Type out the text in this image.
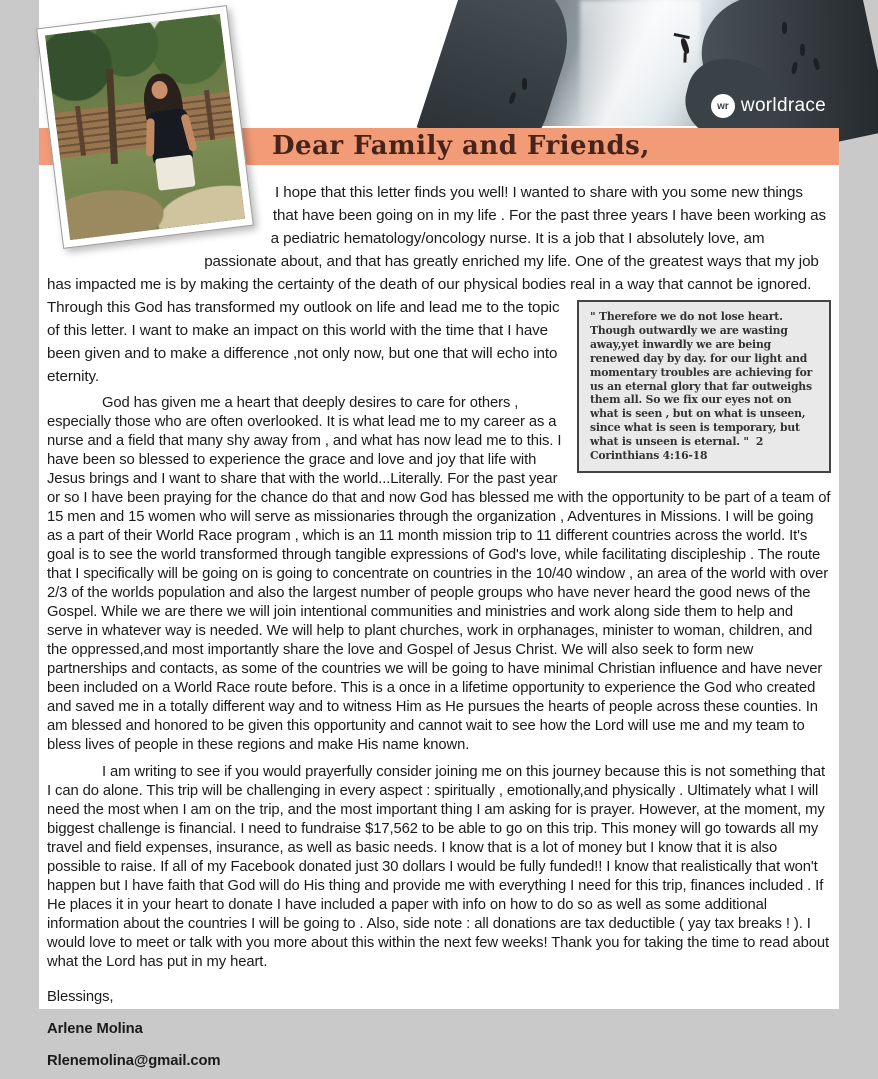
wr worldrace
Dear Family and Friends,

I hope that this letter finds you well! I wanted to share with you some new things that have been going on in my life . For the past three years I have been working as a pediatric hematology/oncology nurse. It is a job that I absolutely love, am passionate about, and that has greatly enriched my life. One of the greatest ways that my job has impacted me is by making the certainty of the death of our physical bodies real in a way that cannot be ignored.
" Therefore we do not lose heart. Though outwardly we are wasting away,yet inwardly we are being renewed day by day. for our light and momentary troubles are achieving for us an eternal glory that far outweighs them all. So we fix our eyes not on what is seen , but on what is unseen, since what is seen is temporary, but what is unseen is eternal. " 2 Corinthians 4:16-18
Through this God has transformed my outlook on life and lead me to the topic of this letter. I want to make an impact on this world with the time that I have been given and to make a difference ,not only now, but one that will echo into eternity.

God has given me a heart that deeply desires to care for others , especially those who are often overlooked. It is what lead me to my career as a nurse and a field that many shy away from , and what has now lead me to this. I have been so blessed to experience the grace and love and joy that life with Jesus brings and I want to share that with the world...Literally. For the past year or so I have been praying for the chance do that and now God has blessed me with the opportunity to be part of a team of 15 men and 15 women who will serve as missionaries through the organization , Adventures in Missions. I will be going as a part of their World Race program , which is an 11 month mission trip to 11 different countries across the world. It's goal is to see the world transformed through tangible expressions of God's love, while facilitating discipleship . The route that I specifically will be going on is going to concentrate on countries in the 10/40 window , an area of the world with over 2/3 of the worlds population and also the largest number of people groups who have never heard the good news of the Gospel. While we are there we will join intentional communities and ministries and work along side them to help and serve in whatever way is needed. We will help to plant churches, work in orphanages, minister to woman, children, and the oppressed,and most importantly share the love and Gospel of Jesus Christ. We will also seek to form new partnerships and contacts, as some of the countries we will be going to have minimal Christian influence and have never been included on a World Race route before. This is a once in a lifetime opportunity to experience the God who created and saved me in a totally different way and to witness Him as He pursues the hearts of people across these counties. In am blessed and honored to be given this opportunity and cannot wait to see how the Lord will use me and my team to bless lives of people in these regions and make His name known.

I am writing to see if you would prayerfully consider joining me on this journey because this is not something that I can do alone. This trip will be challenging in every aspect : spiritually , emotionally,and physically . Ultimately what I will need the most when I am on the trip, and the most important thing I am asking for is prayer. However, at the moment, my biggest challenge is financial. I need to fundraise $17,562 to be able to go on this trip. This money will go towards all my travel and field expenses, insurance, as well as basic needs. I know that is a lot of money but I know that it is also possible to raise. If all of my Facebook donated just 30 dollars I would be fully funded!! I know that realistically that won't happen but I have faith that God will do His thing and provide me with everything I need for this trip, finances included . If He places it in your heart to donate I have included a paper with info on how to do so as well as some additional information about the countries I will be going to . Also, side note : all donations are tax deductible ( yay tax breaks ! ). I would love to meet or talk with you more about this within the next few weeks! Thank you for taking the time to read about what the Lord has put in my heart.

Blessings,

Arlene Molina

Rlenemolina@gmail.com
